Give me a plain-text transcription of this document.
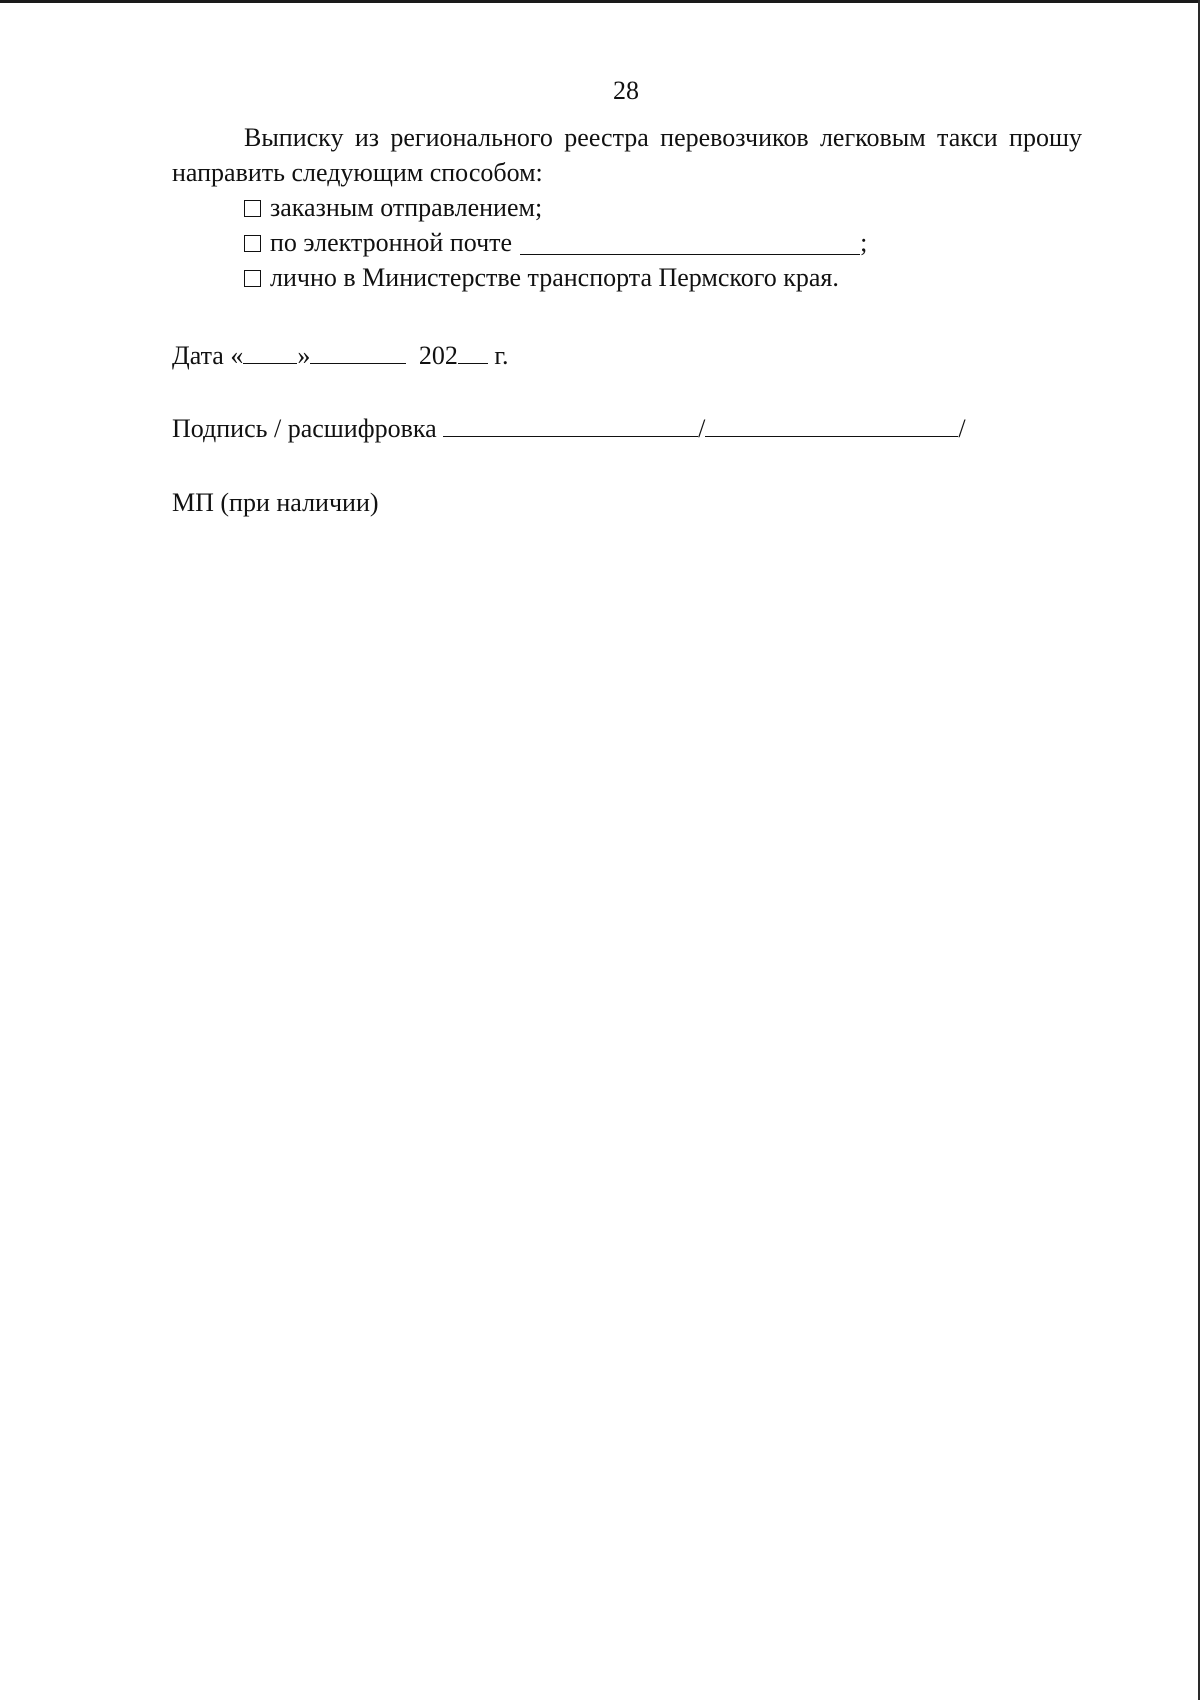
28

Выписку из регионального реестра перевозчиков легковым такси прошу направить следующим способом:

заказным отправлением;
по электронной почте	;
лично в Министерстве транспорта Пермского края.
Дата « »	202 г.
Подпись / расшифровка	/	/
МП (при наличии)
